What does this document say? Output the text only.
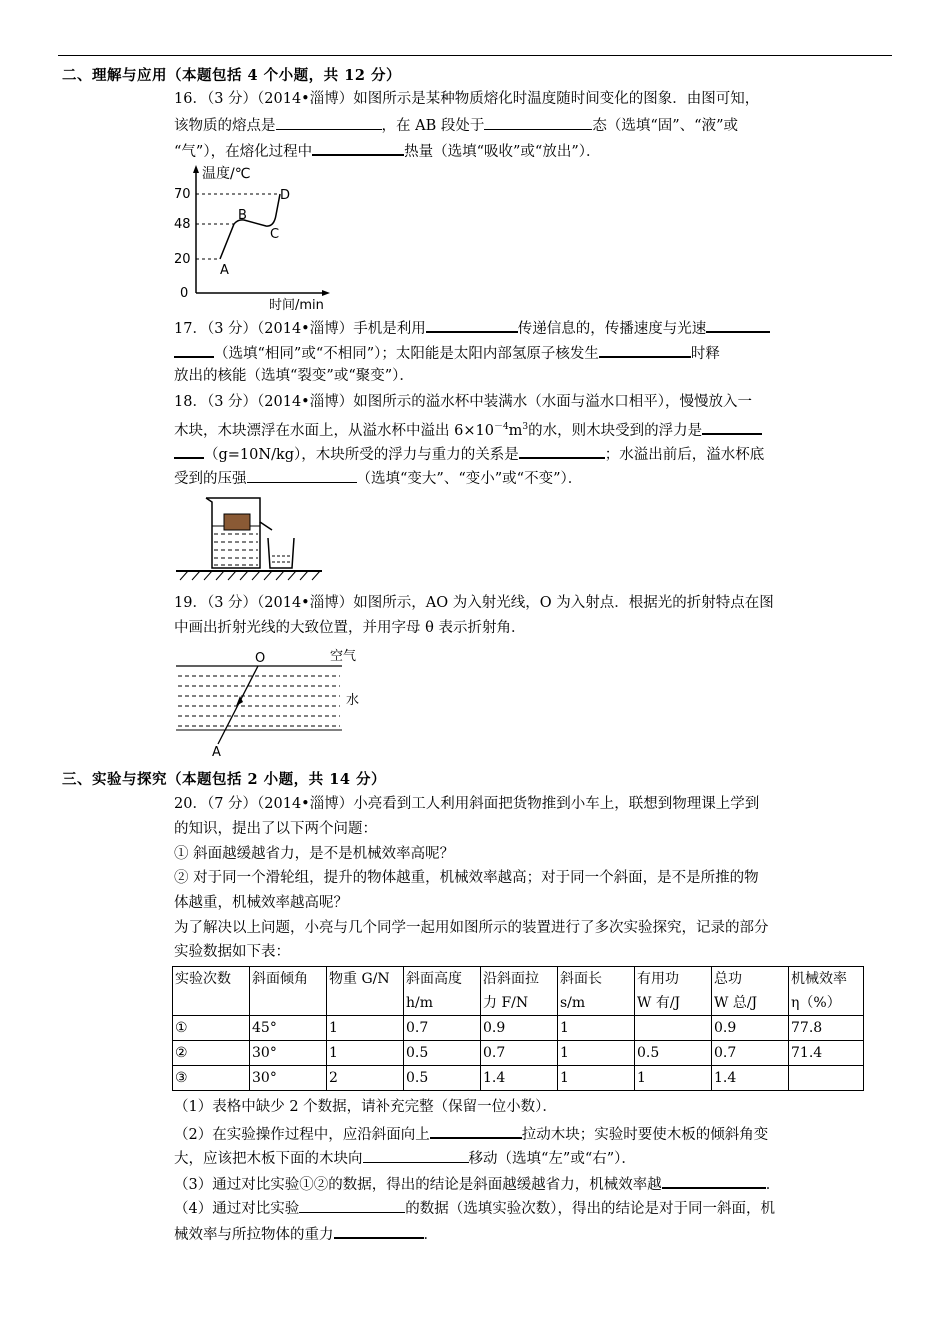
二、理解与应用（本题包括 4 个小题，共 12 分）
16．（3 分）（2014•淄博）如图所示是某种物质熔化时温度随时间变化的图象．由图可知，
该物质的熔点是	，在 AB 段处于	态（选填“固”、“液”或
“气”），在熔化过程中	热量（选填“吸收”或“放出”）．
温度/℃
时间/min
70
48
20
0
A
B
C
D
17．（3 分）（2014•淄博）手机是利用	传递信息的，传播速度与光速
（选填“相同”或“不相同”）；太阳能是太阳内部氢原子核发生	时释
放出的核能（选填“裂变”或“聚变”）．
18．（3 分）（2014•淄博）如图所示的溢水杯中装满水（水面与溢水口相平），慢慢放入一
木块，木块漂浮在水面上，从溢水杯中溢出 $6\times 10^{-4}m^3$的水，则木块受到的浮力是
（g=10N/kg），木块所受的浮力与重力的关系是	；水溢出前后，溢水杯底
受到的压强	（选填“变大”、“变小”或“不变”）．
19．（3 分）（2014•淄博）如图所示，AO 为入射光线，O 为入射点．根据光的折射特点在图
中画出折射光线的大致位置，并用字母 θ 表示折射角．
O	空气
水
A
三、实验与探究（本题包括 2 小题，共 14 分）
20．（7 分）（2014•淄博）小亮看到工人利用斜面把货物推到小车上，联想到物理课上学到
的知识，提出了以下两个问题：
① 斜面越缓越省力，是不是机械效率高呢？
② 对于同一个滑轮组，提升的物体越重，机械效率越高；对于同一个斜面，是不是所推的物
体越重，机械效率越高呢？
为了解决以上问题，小亮与几个同学一起用如图所示的装置进行了多次实验探究，记录的部分
实验数据如下表：
实验次数	斜面倾角	物重 G/N	斜面高度
h/m	沿斜面拉
力 F/N	斜面长
s/m	有用功
W 有/J	总功
W 总/J	机械效率
η（%）
①	45°	1	0.7	0.9	1		0.9	77.8
②	30°	1	0.5	0.7	1	0.5	0.7	71.4
③	30°	2	0.5	1.4	1	1	1.4	
（1）表格中缺少 2 个数据，请补充完整（保留一位小数）．
（2）在实验操作过程中，应沿斜面向上	拉动木块；实验时要使木板的倾斜角变
大，应该把木板下面的木块向	移动（选填“左”或“右”）．
（3）通过对比实验①②的数据，得出的结论是斜面越缓越省力，机械效率越	．
（4）通过对比实验	的数据（选填实验次数），得出的结论是对于同一斜面，机
械效率与所拉物体的重力	．
